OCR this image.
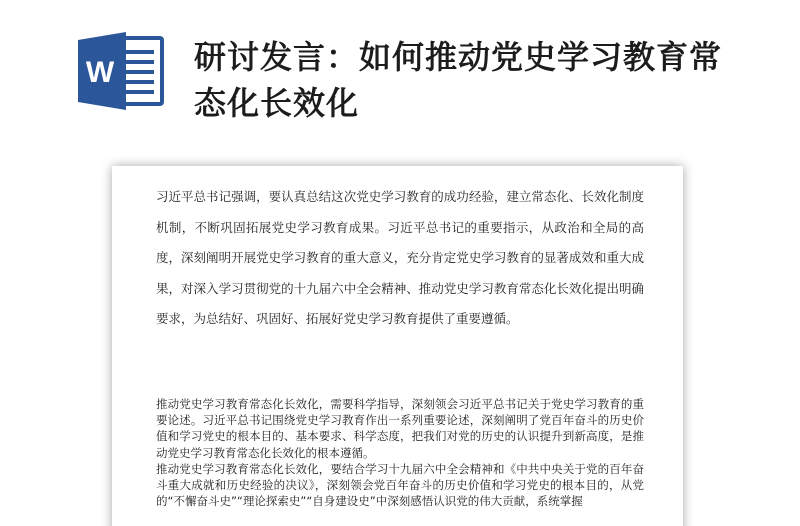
W 研讨发言：如何推动党史学习教育常态化长效化

习近平总书记强调，要认真总结这次党史学习教育的成功经验，建立常态化、长效化制度机制，不断巩固拓展党史学习教育成果。习近平总书记的重要指示，从政治和全局的高度，深刻阐明开展党史学习教育的重大意义，充分肯定党史学习教育的显著成效和重大成果，对深入学习贯彻党的十九届六中全会精神、推动党史学习教育常态化长效化提出明确要求，为总结好、巩固好、拓展好党史学习教育提供了重要遵循。

推动党史学习教育常态化长效化，需要科学指导，深刻领会习近平总书记关于党史学习教育的重要论述。习近平总书记围绕党史学习教育作出一系列重要论述，深刻阐明了党百年奋斗的历史价值和学习党史的根本目的、基本要求、科学态度，把我们对党的历史的认识提升到新高度，是推动党史学习教育常态化长效化的根本遵循。

推动党史学习教育常态化长效化，要结合学习十九届六中全会精神和《中共中央关于党的百年奋斗重大成就和历史经验的决议》，深刻领会党百年奋斗的历史价值和学习党史的根本目的，从党的“不懈奋斗史”“理论探索史”“自身建设史”中深刻感悟认识党的伟大贡献，系统掌握
